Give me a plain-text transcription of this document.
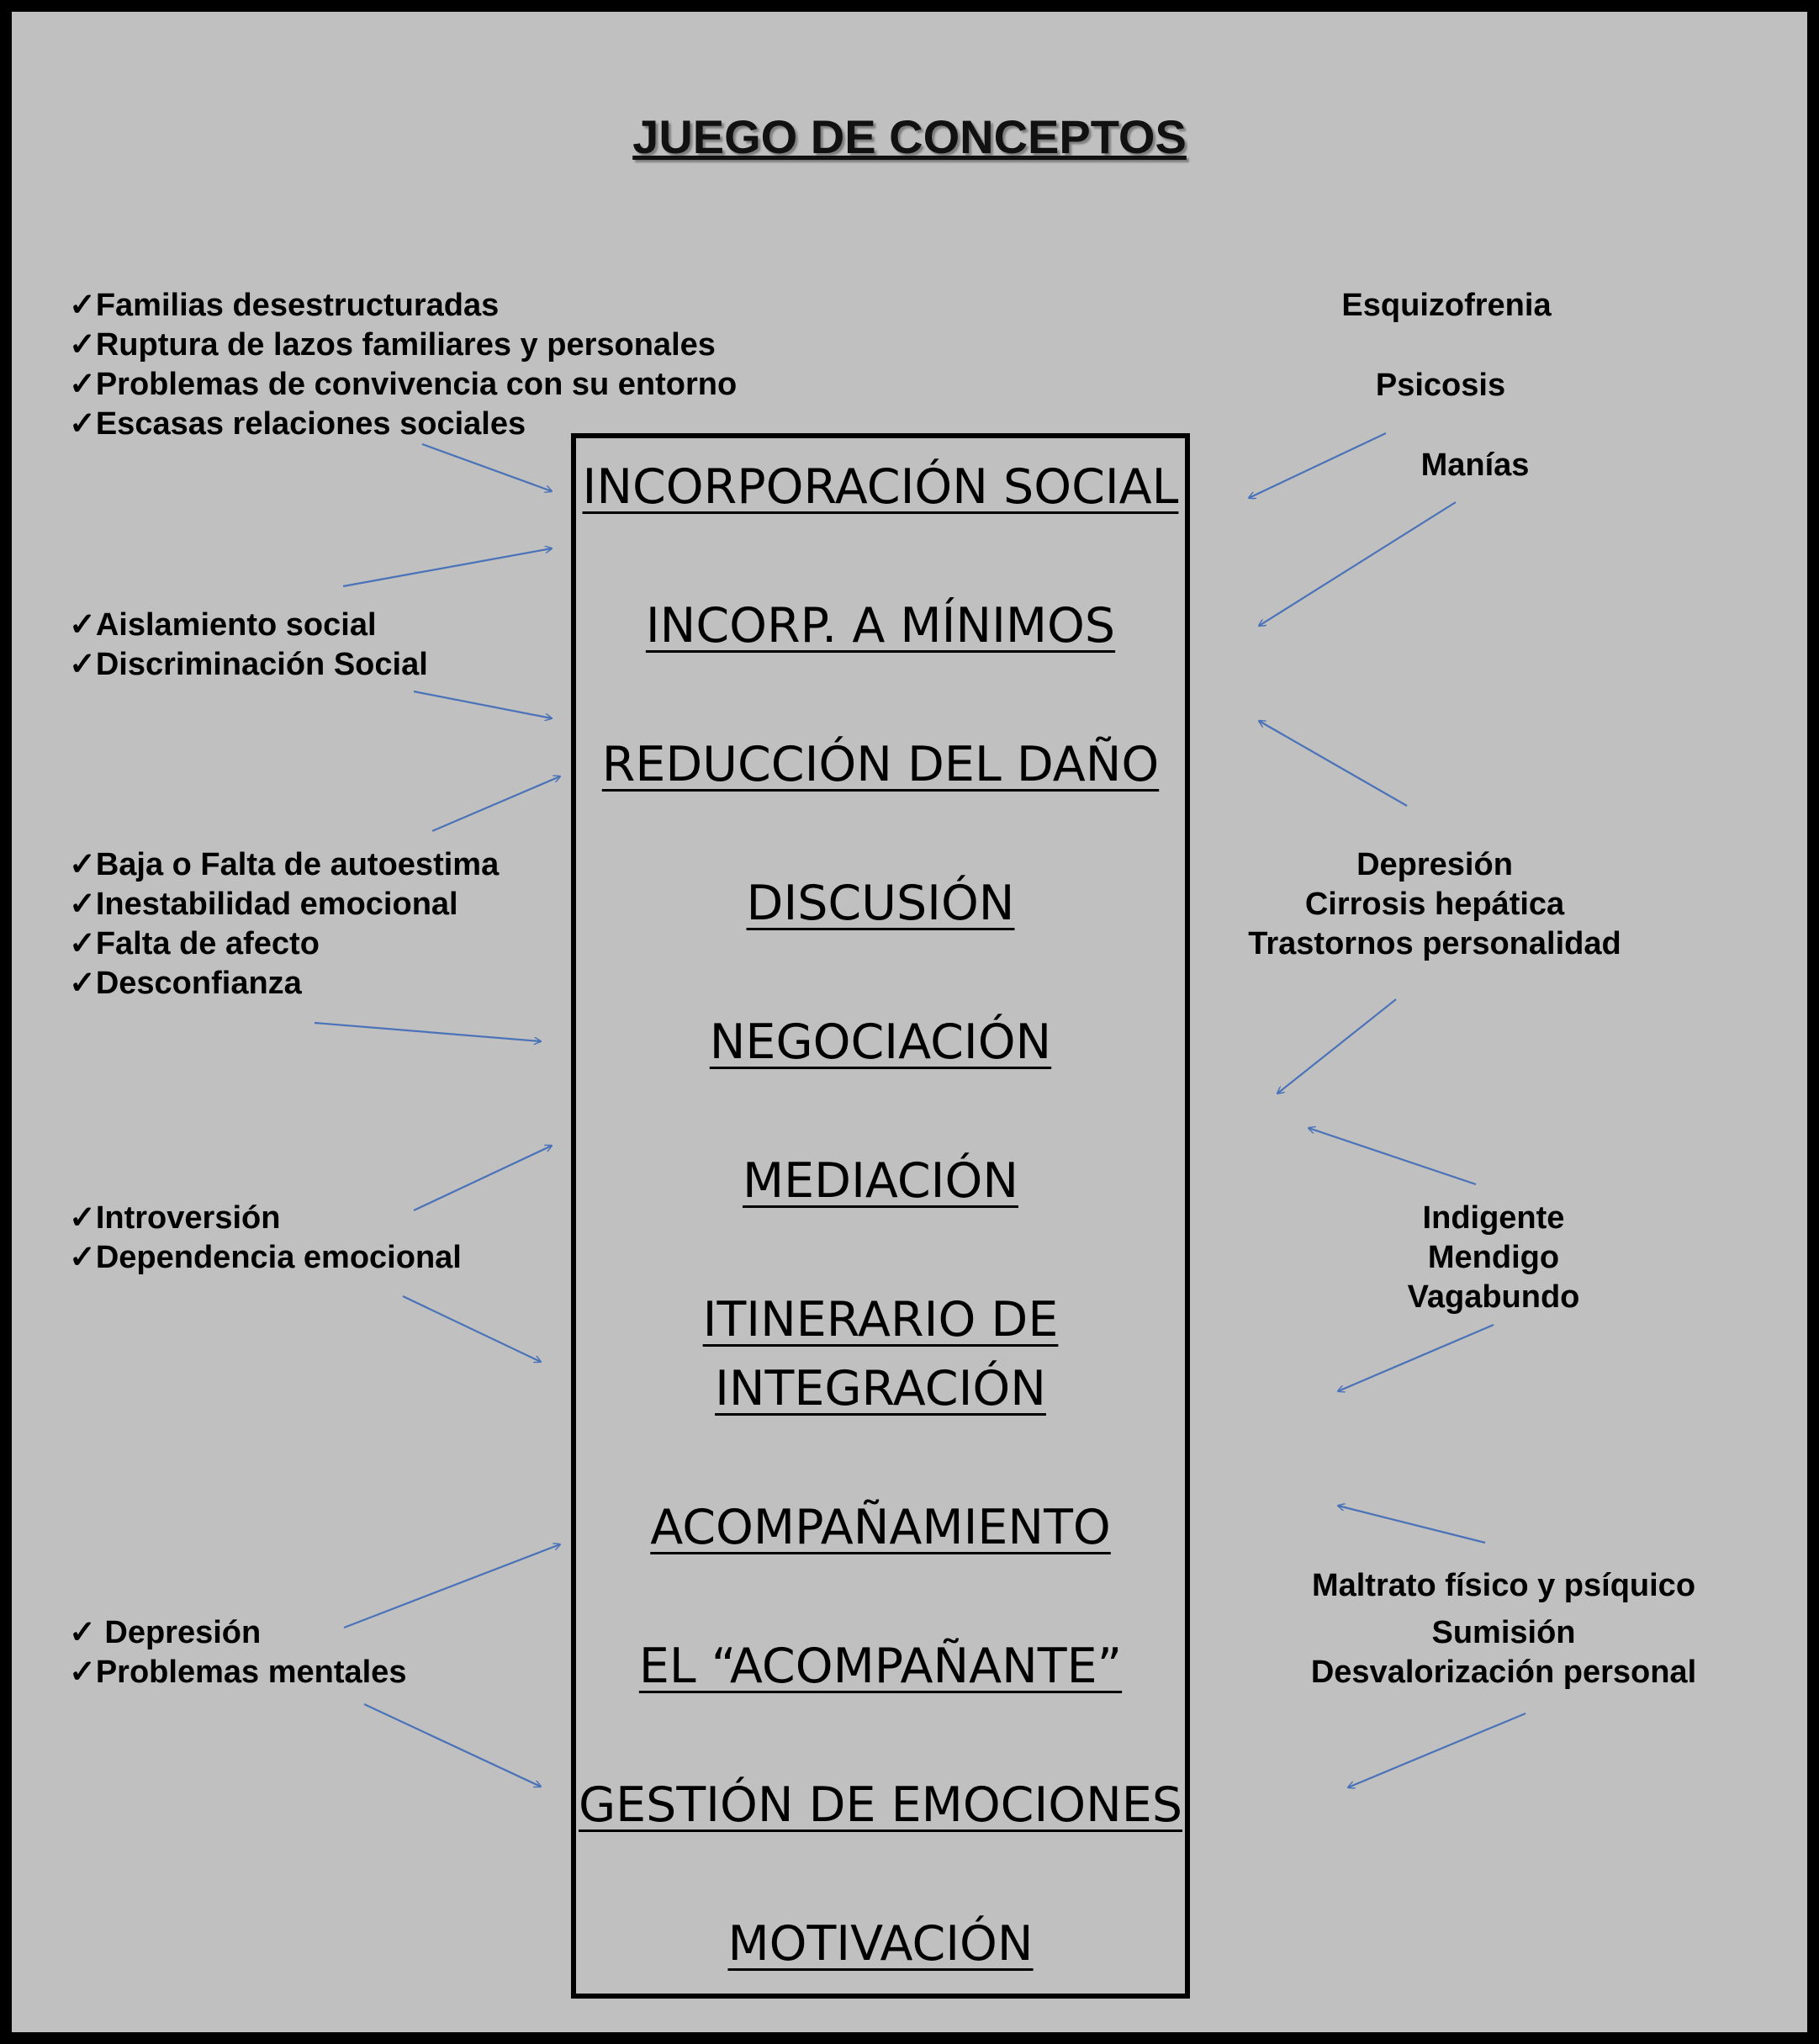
JUEGO DE CONCEPTOS
✓Familias desestructuradas
✓Ruptura de lazos familiares y personales
✓Problemas de convivencia con su entorno
✓Escasas relaciones sociales
✓Aislamiento social
✓Discriminación Social
✓Baja o Falta de autoestima
✓Inestabilidad emocional
✓Falta de afecto
✓Desconfianza
✓Introversión
✓Dependencia emocional
✓ Depresión
✓Problemas mentales
Esquizofrenia
Psicosis
Manías
Depresión
Cirrosis hepática
Trastornos personalidad
Indigente
Mendigo
Vagabundo
Maltrato físico y psíquico
Sumisión
Desvalorización personal
INCORPORACIÓN SOCIAL
INCORP. A MÍNIMOS
REDUCCIÓN DEL DAÑO
DISCUSIÓN
NEGOCIACIÓN
MEDIACIÓN
ITINERARIO DE
INTEGRACIÓN
ACOMPAÑAMIENTO
EL “ACOMPAÑANTE”
GESTIÓN DE EMOCIONES
MOTIVACIÓN
